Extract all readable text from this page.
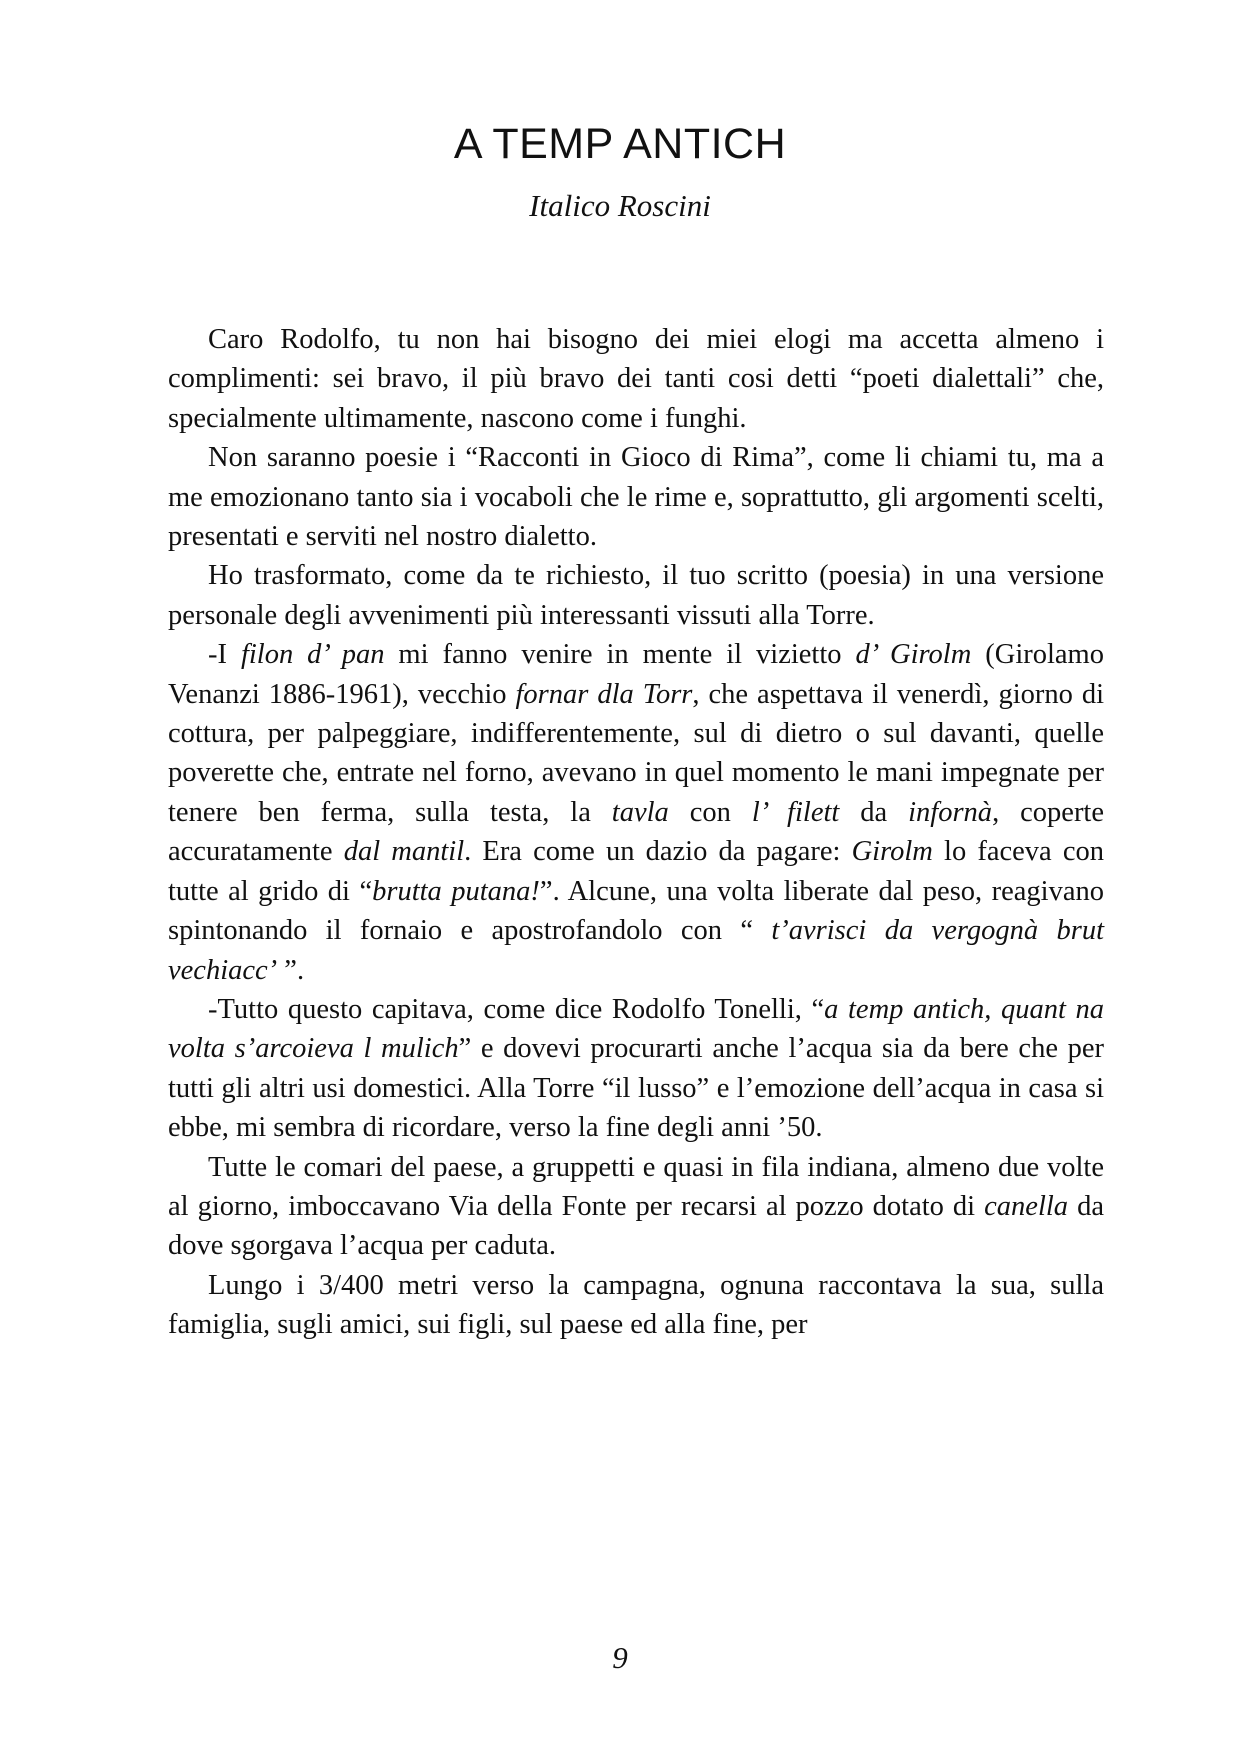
A TEMP ANTICH
Italico Roscini

Caro Rodolfo, tu non hai bisogno dei miei elogi ma accetta almeno i complimenti: sei bravo, il più bravo dei tanti cosi detti “poeti dialettali” che, specialmente ultimamente, nascono come i funghi.

Non saranno poesie i “Racconti in Gioco di Rima”, come li chiami tu, ma a me emozionano tanto sia i vocaboli che le rime e, soprattutto, gli argomenti scelti, presentati e serviti nel nostro dialetto.

Ho trasformato, come da te richiesto, il tuo scritto (poesia) in una versione personale degli avvenimenti più interessanti vissuti alla Torre.

-I filon d’ pan mi fanno venire in mente il vizietto d’ Girolm (Girolamo Venanzi 1886-1961), vecchio fornar dla Torr, che aspettava il venerdì, giorno di cottura, per palpeggiare, indifferentemente, sul di dietro o sul davanti, quelle poverette che, entrate nel forno, avevano in quel momento le mani impegnate per tenere ben ferma, sulla testa, la tavla con l’ filett da infornà, coperte accuratamente dal mantil. Era come un dazio da pagare: Girolm lo faceva con tutte al grido di “brutta putana!”. Alcune, una volta liberate dal peso, reagivano spintonando il fornaio e apostrofandolo con “ t’avrisci da vergognà brut vechiacc’ ”.

-Tutto questo capitava, come dice Rodolfo Tonelli, “a temp antich, quant na volta s’arcoieva l mulich” e dovevi procurarti anche l’acqua sia da bere che per tutti gli altri usi domestici. Alla Torre “il lusso” e l’emozione dell’acqua in casa si ebbe, mi sembra di ricordare, verso la fine degli anni ’50.

Tutte le comari del paese, a gruppetti e quasi in fila indiana, almeno due volte al giorno, imboccavano Via della Fonte per recarsi al pozzo dotato di canella da dove sgorgava l’acqua per caduta.

Lungo i 3/400 metri verso la campagna, ognuna raccontava la sua, sulla famiglia, sugli amici, sui figli, sul paese ed alla fine, per

9
